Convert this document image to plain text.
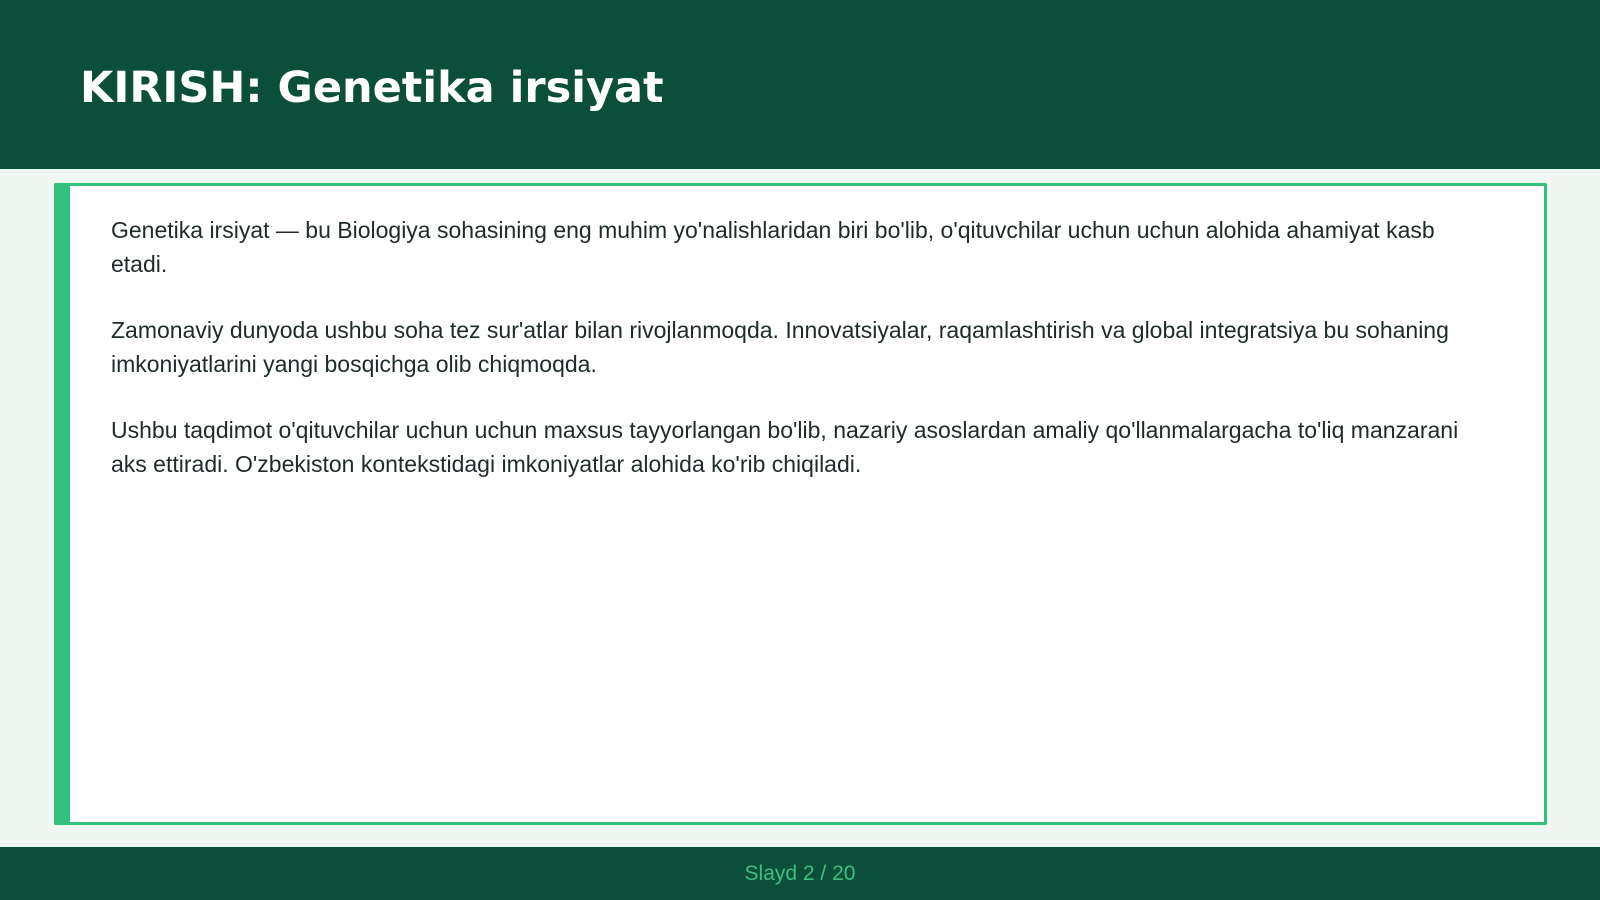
KIRISH: Genetika irsiyat

Genetika irsiyat — bu Biologiya sohasining eng muhim yo'nalishlaridan biri bo'lib, o'qituvchilar uchun uchun alohida ahamiyat kasb etadi.

Zamonaviy dunyoda ushbu soha tez sur'atlar bilan rivojlanmoqda. Innovatsiyalar, raqamlashtirish va global integratsiya bu sohaning imkoniyatlarini yangi bosqichga olib chiqmoqda.

Ushbu taqdimot o'qituvchilar uchun uchun maxsus tayyorlangan bo'lib, nazariy asoslardan amaliy qo'llanmalargacha to'liq manzarani aks ettiradi. O'zbekiston kontekstidagi imkoniyatlar alohida ko'rib chiqiladi.

Slayd 2 / 20
